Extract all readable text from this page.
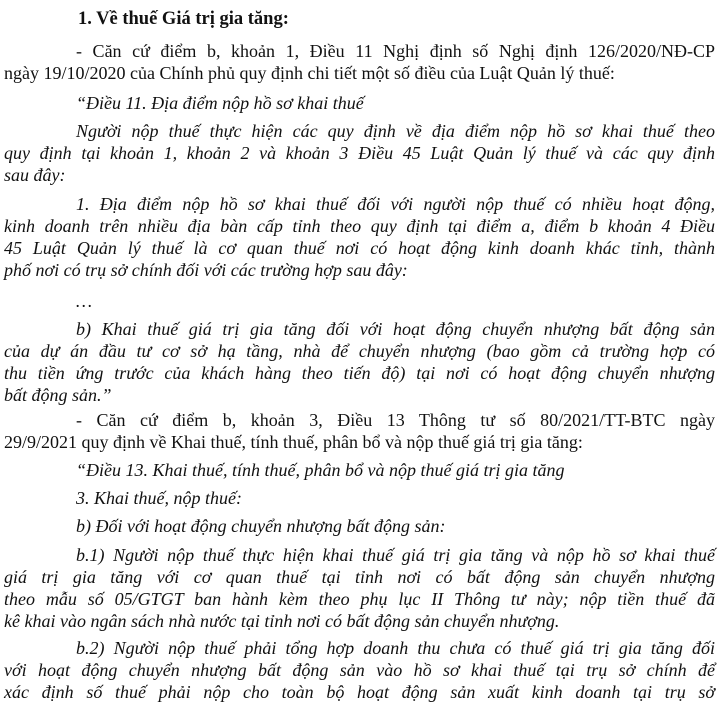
1. Về thuế Giá trị gia tăng:
- Căn cứ điểm b, khoản 1, Điều 11 Nghị định số Nghị định 126/2020/NĐ-CP
ngày 19/10/2020 của Chính phủ quy định chi tiết một số điều của Luật Quản lý thuế:
“Điều 11. Địa điểm nộp hồ sơ khai thuế
Người nộp thuế thực hiện các quy định về địa điểm nộp hồ sơ khai thuế theo
quy định tại khoản 1, khoản 2 và khoản 3 Điều 45 Luật Quản lý thuế và các quy định
sau đây:
1. Địa điểm nộp hồ sơ khai thuế đối với người nộp thuế có nhiều hoạt động,
kinh doanh trên nhiều địa bàn cấp tỉnh theo quy định tại điểm a, điểm b khoản 4 Điều
45 Luật Quản lý thuế là cơ quan thuế nơi có hoạt động kinh doanh khác tỉnh, thành
phố nơi có trụ sở chính đối với các trường hợp sau đây:
…
b) Khai thuế giá trị gia tăng đối với hoạt động chuyển nhượng bất động sản
của dự án đầu tư cơ sở hạ tầng, nhà để chuyển nhượng (bao gồm cả trường hợp có
thu tiền ứng trước của khách hàng theo tiến độ) tại nơi có hoạt động chuyển nhượng
bất động sản.”
- Căn cứ điểm b, khoản 3, Điều 13 Thông tư số 80/2021/TT-BTC ngày
29/9/2021 quy định về Khai thuế, tính thuế, phân bổ và nộp thuế giá trị gia tăng:
“Điều 13. Khai thuế, tính thuế, phân bổ và nộp thuế giá trị gia tăng
3. Khai thuế, nộp thuế:
b) Đối với hoạt động chuyển nhượng bất động sản:
b.1) Người nộp thuế thực hiện khai thuế giá trị gia tăng và nộp hồ sơ khai thuế
giá trị gia tăng với cơ quan thuế tại tỉnh nơi có bất động sản chuyển nhượng
theo mẫu số 05/GTGT ban hành kèm theo phụ lục II Thông tư này; nộp tiền thuế đã
kê khai vào ngân sách nhà nước tại tỉnh nơi có bất động sản chuyển nhượng.
b.2) Người nộp thuế phải tổng hợp doanh thu chưa có thuế giá trị gia tăng đối
với hoạt động chuyển nhượng bất động sản vào hồ sơ khai thuế tại trụ sở chính để
xác định số thuế phải nộp cho toàn bộ hoạt động sản xuất kinh doanh tại trụ sở
